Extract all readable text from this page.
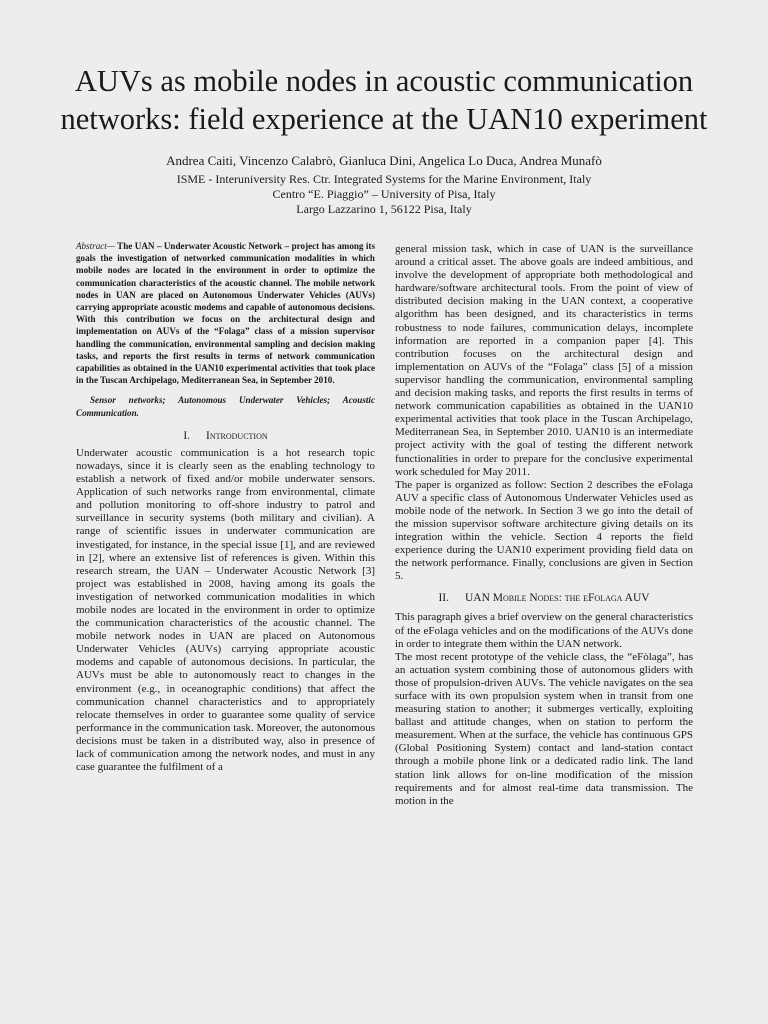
AUVs as mobile nodes in acoustic communication
networks: field experience at the UAN10 experiment
Andrea Caiti, Vincenzo Calabrò, Gianluca Dini, Angelica Lo Duca, Andrea Munafò
ISME - Interuniversity Res. Ctr. Integrated Systems for the Marine Environment, Italy
Centro “E. Piaggio” – University of Pisa, Italy
Largo Lazzarino 1, 56122 Pisa, Italy

Abstract— The UAN – Underwater Acoustic Network – project has among its goals the investigation of networked communication modalities in which mobile nodes are located in the environment in order to optimize the communication characteristics of the acoustic channel. The mobile network nodes in UAN are placed on Autonomous Underwater Vehicles (AUVs) carrying appropriate acoustic modems and capable of autonomous decisions. With this contribution we focus on the architectural design and implementation on AUVs of the “Folaga” class of a mission supervisor handling the communication, environmental sampling and decision making tasks, and reports the first results in terms of network communication capabilities as obtained in the UAN10 experimental activities that took place in the Tuscan Archipelago, Mediterranean Sea, in September 2010.

Sensor networks; Autonomous Underwater Vehicles; Acoustic Communication.

I. Introduction

Underwater acoustic communication is a hot research topic nowadays, since it is clearly seen as the enabling technology to establish a network of fixed and/or mobile underwater sensors. Application of such networks range from environmental, climate and pollution monitoring to off-shore industry to patrol and surveillance in security systems (both military and civilian). A range of scientific issues in underwater communication are investigated, for instance, in the special issue [1], and are reviewed in [2], where an extensive list of references is given. Within this research stream, the UAN – Underwater Acoustic Network [3] project was established in 2008, having among its goals the investigation of networked communication modalities in which mobile nodes are located in the environment in order to optimize the communication characteristics of the acoustic channel. The mobile network nodes in UAN are placed on Autonomous Underwater Vehicles (AUVs) carrying appropriate acoustic modems and capable of autonomous decisions. In particular, the AUVs must be able to autonomously react to changes in the environment (e.g., in oceanographic conditions) that affect the communication channel characteristics and to appropriately relocate themselves in order to guarantee some quality of service performance in the communication task. Moreover, the autonomous decisions must be taken in a distributed way, also in presence of lack of communication among the network nodes, and must in any case guarantee the fulfilment of a

general mission task, which in case of UAN is the surveillance around a critical asset. The above goals are indeed ambitious, and involve the development of appropriate both methodological and hardware/software architectural tools. From the point of view of distributed decision making in the UAN context, a cooperative algorithm has been designed, and its characteristics in terms robustness to node failures, communication delays, incomplete information are reported in a companion paper [4]. This contribution focuses on the architectural design and implementation on AUVs of the “Folaga” class [5] of a mission supervisor handling the communication, environmental sampling and decision making tasks, and reports the first results in terms of network communication capabilities as obtained in the UAN10 experimental activities that took place in the Tuscan Archipelago, Mediterranean Sea, in September 2010. UAN10 is an intermediate project activity with the goal of testing the different network functionalities in order to prepare for the conclusive experimental work scheduled for May 2011.

The paper is organized as follow: Section 2 describes the eFolaga AUV a specific class of Autonomous Underwater Vehicles used as mobile node of the network. In Section 3 we go into the detail of the mission supervisor software architecture giving details on its integration within the vehicle. Section 4 reports the field experience during the UAN10 experiment providing field data on the network performance. Finally, conclusions are given in Section 5.

II. UAN Mobile Nodes: the eFolaga AUV

This paragraph gives a brief overview on the general characteristics of the eFolaga vehicles and on the modifications of the AUVs done in order to integrate them within the UAN network.

The most recent prototype of the vehicle class, the “eFòlaga”, has an actuation system combining those of autonomous gliders with those of propulsion-driven AUVs. The vehicle navigates on the sea surface with its own propulsion system when in transit from one measuring station to another; it submerges vertically, exploiting ballast and attitude changes, when on station to perform the measurement. When at the surface, the vehicle has continuous GPS (Global Positioning System) contact and land-station contact through a mobile phone link or a dedicated radio link. The land station link allows for on-line modification of the mission requirements and for almost real-time data transmission. The motion in the
